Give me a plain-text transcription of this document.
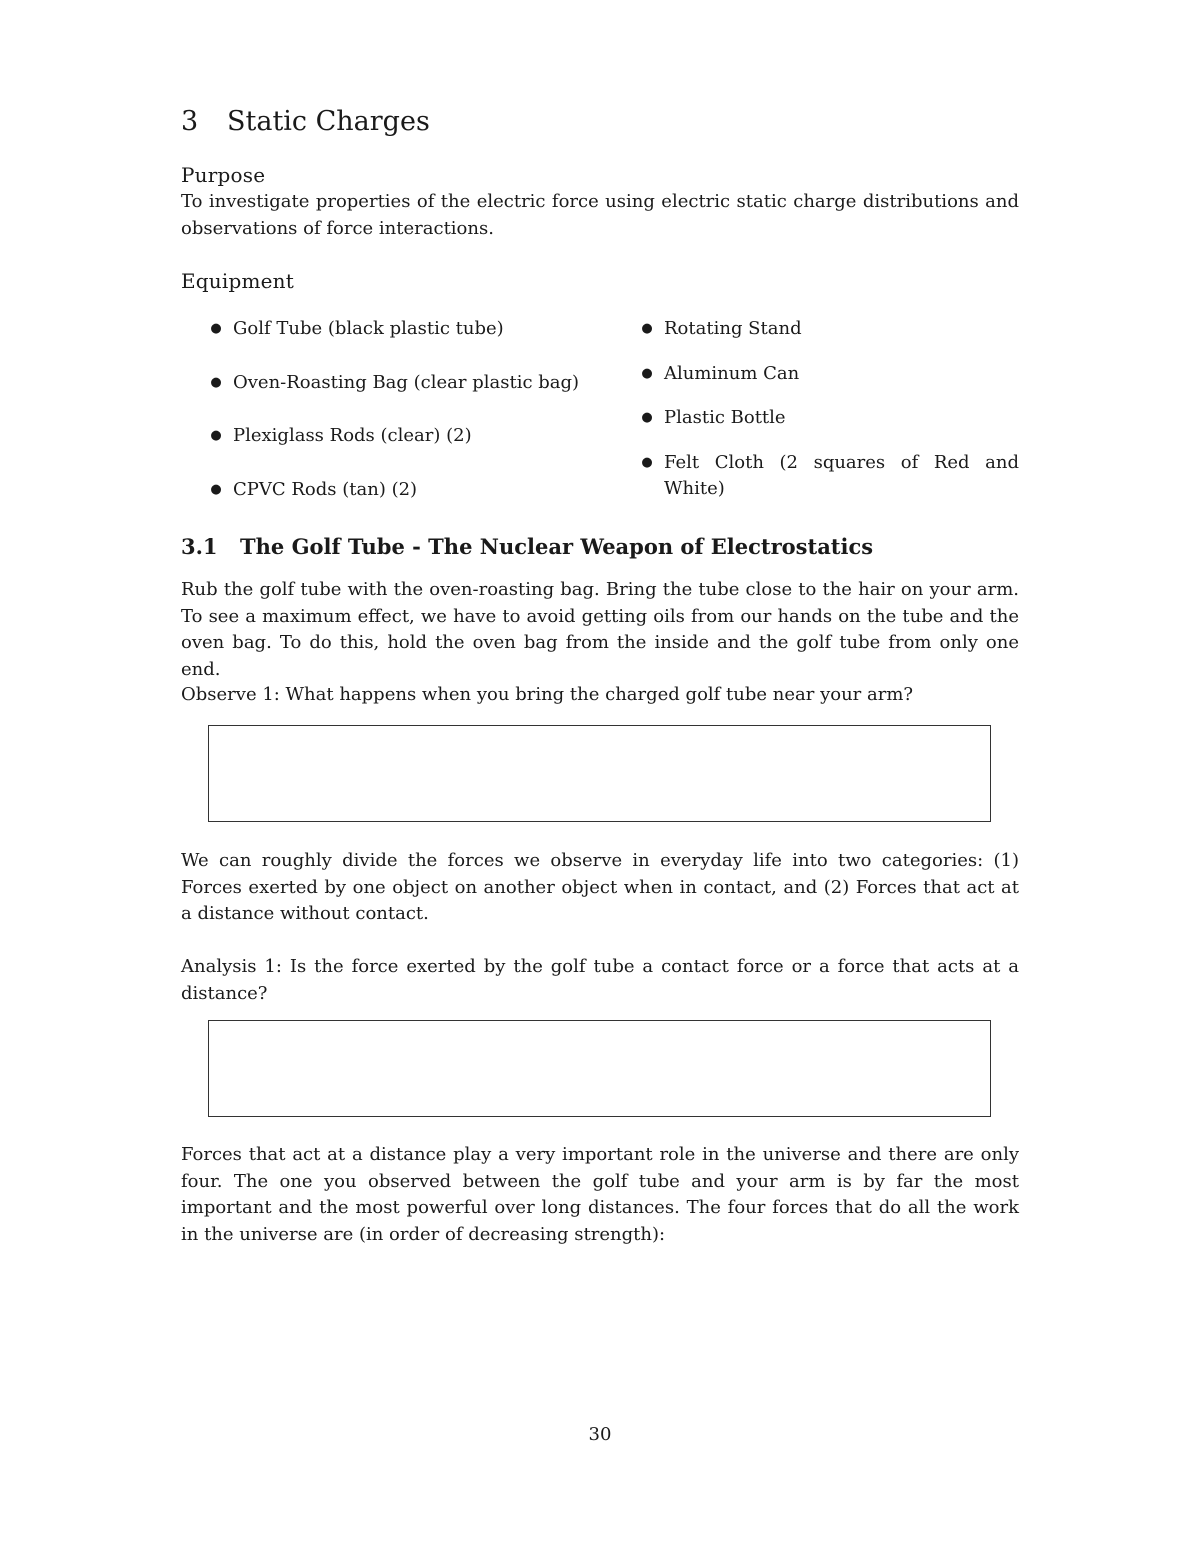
3 Static Charges
Purpose

To investigate properties of the electric force using electric static charge distributions and observations of force interactions.

Equipment
● Golf Tube (black plastic tube)
● Oven-Roasting Bag (clear plastic bag)
● Plexiglass Rods (clear) (2)
● CPVC Rods (tan) (2)
● Rotating Stand
● Aluminum Can
● Plastic Bottle
● Felt Cloth (2 squares of Red and White)
3.1 The Golf Tube - The Nuclear Weapon of Electrostatics

Rub the golf tube with the oven-roasting bag. Bring the tube close to the hair on your arm. To see a maximum effect, we have to avoid getting oils from our hands on the tube and the oven bag. To do this, hold the oven bag from the inside and the golf tube from only one end.

Observe 1: What happens when you bring the charged golf tube near your arm?

We can roughly divide the forces we observe in everyday life into two categories: (1) Forces exerted by one object on another object when in contact, and (2) Forces that act at a distance without contact.

Analysis 1: Is the force exerted by the golf tube a contact force or a force that acts at a distance?

Forces that act at a distance play a very important role in the universe and there are only four. The one you observed between the golf tube and your arm is by far the most important and the most powerful over long distances. The four forces that do all the work in the universe are (in order of decreasing strength):

30
